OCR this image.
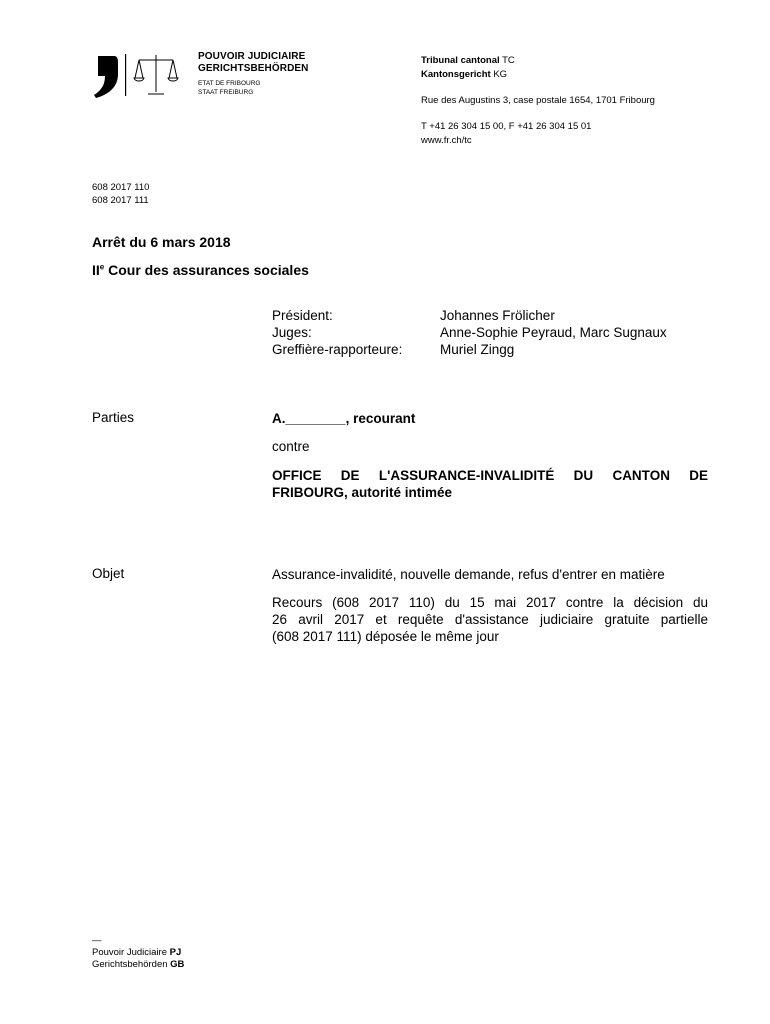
POUVOIR JUDICIAIRE
GERICHTSBEHÖRDEN
ETAT DE FRIBOURG
STAAT FREIBURG
Tribunal cantonal TC
Kantonsgericht KG
Rue des Augustins 3, case postale 1654, 1701 Fribourg
T +41 26 304 15 00, F +41 26 304 15 01
www.fr.ch/tc
608 2017 110
608 2017 111
Arrêt du 6 mars 2018
IIe Cour des assurances sociales
Président:
Juges:
Greffière-rapporteure:
Johannes Frölicher
Anne-Sophie Peyraud, Marc Sugnaux
Muriel Zingg
Parties	A.________, recourant
contre
OFFICE DE L'ASSURANCE-INVALIDITÉ DU CANTON DE
FRIBOURG, autorité intimée
Objet	Assurance-invalidité, nouvelle demande, refus d'entrer en matière
Recours (608 2017 110) du 15 mai 2017 contre la décision du
26 avril 2017 et requête d'assistance judiciaire gratuite partielle
(608 2017 111) déposée le même jour
—
Pouvoir Judiciaire PJ
Gerichtsbehörden GB
